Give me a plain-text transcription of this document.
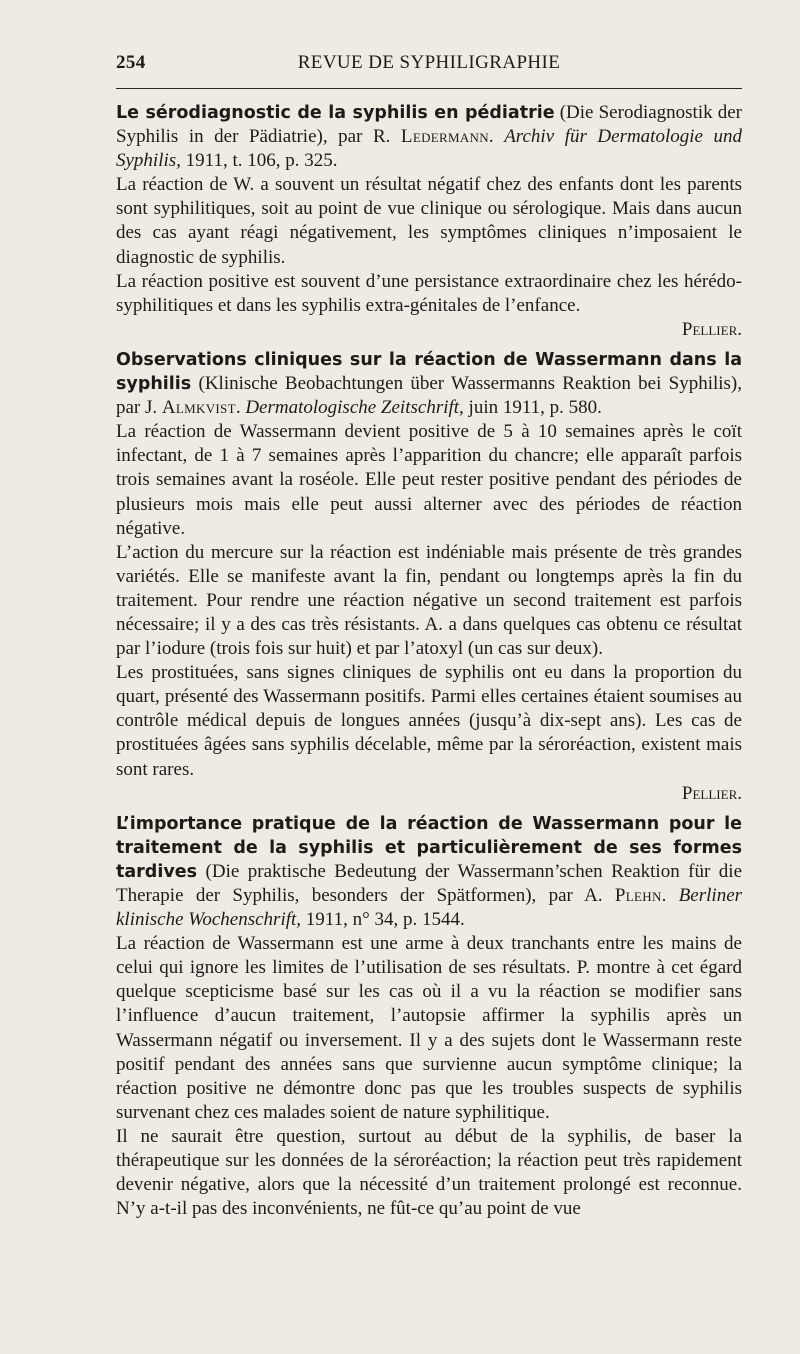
254	REVUE DE SYPHILIGRAPHIE

Le sérodiagnostic de la syphilis en pédiatrie (Die Serodiagnostik der Syphilis in der Pädiatrie), par R. Ledermann. Archiv für Dermatologie und Syphilis, 1911, t. 106, p. 325.

La réaction de W. a souvent un résultat négatif chez des enfants dont les parents sont syphilitiques, soit au point de vue clinique ou sérologique. Mais dans aucun des cas ayant réagi négativement, les symptômes cliniques n’imposaient le diagnostic de syphilis.

La réaction positive est souvent d’une persistance extraordinaire chez les hérédo-syphilitiques et dans les syphilis extra-génitales de l’enfance.

Pellier.

Observations cliniques sur la réaction de Wassermann dans la syphilis (Klinische Beobachtungen über Wassermanns Reaktion bei Syphilis), par J. Almkvist. Dermatologische Zeitschrift, juin 1911, p. 580.

La réaction de Wassermann devient positive de 5 à 10 semaines après le coït infectant, de 1 à 7 semaines après l’apparition du chancre; elle apparaît parfois trois semaines avant la roséole. Elle peut rester positive pendant des périodes de plusieurs mois mais elle peut aussi alterner avec des périodes de réaction négative.

L’action du mercure sur la réaction est indéniable mais présente de très grandes variétés. Elle se manifeste avant la fin, pendant ou longtemps après la fin du traitement. Pour rendre une réaction négative un second traitement est parfois nécessaire; il y a des cas très résistants. A. a dans quelques cas obtenu ce résultat par l’iodure (trois fois sur huit) et par l’atoxyl (un cas sur deux).

Les prostituées, sans signes cliniques de syphilis ont eu dans la proportion du quart, présenté des Wassermann positifs. Parmi elles certaines étaient soumises au contrôle médical depuis de longues années (jusqu’à dix-sept ans). Les cas de prostituées âgées sans syphilis décelable, même par la séroréaction, existent mais sont rares.

Pellier.

L’importance pratique de la réaction de Wassermann pour le traitement de la syphilis et particulièrement de ses formes tardives (Die praktische Bedeutung der Wassermann’schen Reaktion für die Therapie der Syphilis, besonders der Spätformen), par A. Plehn. Berliner klinische Wochenschrift, 1911, n° 34, p. 1544.

La réaction de Wassermann est une arme à deux tranchants entre les mains de celui qui ignore les limites de l’utilisation de ses résultats. P. montre à cet égard quelque scepticisme basé sur les cas où il a vu la réaction se modifier sans l’influence d’aucun traitement, l’autopsie affirmer la syphilis après un Wassermann négatif ou inversement. Il y a des sujets dont le Wassermann reste positif pendant des années sans que survienne aucun symptôme clinique; la réaction positive ne démontre donc pas que les troubles suspects de syphilis survenant chez ces malades soient de nature syphilitique.

Il ne saurait être question, surtout au début de la syphilis, de baser la thérapeutique sur les données de la séroréaction; la réaction peut très rapidement devenir négative, alors que la nécessité d’un traitement prolongé est reconnue. N’y a-t-il pas des inconvénients, ne fût-ce qu’au point de vue
